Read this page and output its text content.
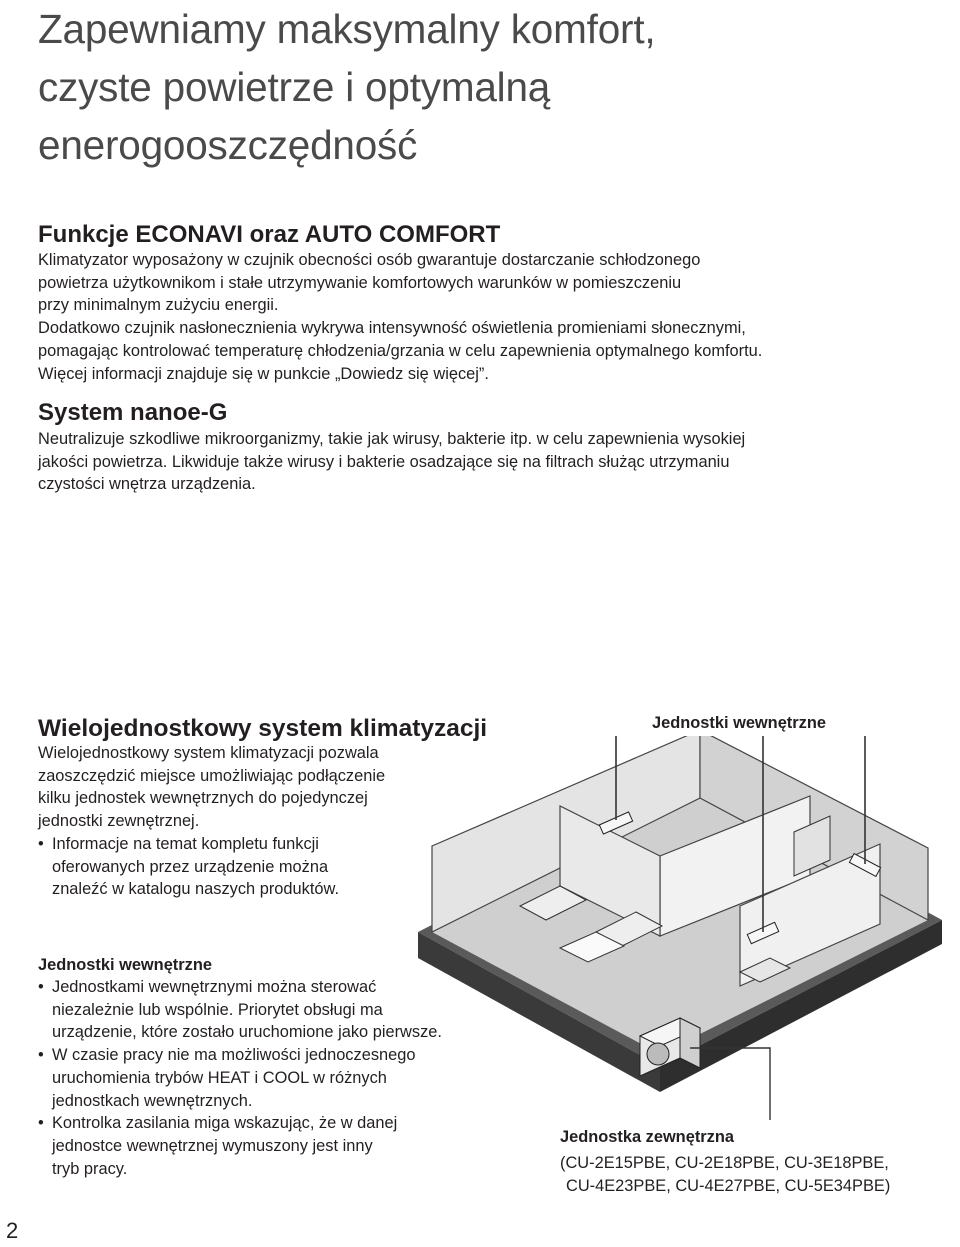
Zapewniamy maksymalny komfort,
czyste powietrze i optymalną
enerogooszczędność
Funkcje ECONAVI oraz AUTO COMFORT
Klimatyzator wyposażony w czujnik obecności osób gwarantuje dostarczanie schłodzonego
powietrza użytkownikom i stałe utrzymywanie komfortowych warunków w pomieszczeniu
przy minimalnym zużyciu energii.
Dodatkowo czujnik nasłonecznienia wykrywa intensywność oświetlenia promieniami słonecznymi,
pomagając kontrolować temperaturę chłodzenia/grzania w celu zapewnienia optymalnego komfortu.
Więcej informacji znajduje się w punkcie „Dowiedz się więcej”.
System nanoe-G
Neutralizuje szkodliwe mikroorganizmy, takie jak wirusy, bakterie itp. w celu zapewnienia wysokiej
jakości powietrza. Likwiduje także wirusy i bakterie osadzające się na filtrach służąc utrzymaniu
czystości wnętrza urządzenia.
Wielojednostkowy system klimatyzacji
Wielojednostkowy system klimatyzacji pozwala
zaoszczędzić miejsce umożliwiając podłączenie
kilku jednostek wewnętrznych do pojedynczej
jednostki zewnętrznej.
• Informacje na temat kompletu funkcji
oferowanych przez urządzenie można
znaleźć w katalogu naszych produktów.
Jednostki wewnętrzne
• Jednostkami wewnętrznymi można sterować
niezależnie lub wspólnie. Priorytet obsługi ma
urządzenie, które zostało uruchomione jako pierwsze.
• W czasie pracy nie ma możliwości jednoczesnego
uruchomienia trybów HEAT i COOL w różnych
jednostkach wewnętrznych.
• Kontrolka zasilania miga wskazując, że w danej
jednostce wewnętrznej wymuszony jest inny
tryb pracy.
Jednostki wewnętrzne
Jednostka zewnętrzna
(CU-2E15PBE, CU-2E18PBE, CU-3E18PBE,
CU-4E23PBE, CU-4E27PBE, CU-5E34PBE)
2
